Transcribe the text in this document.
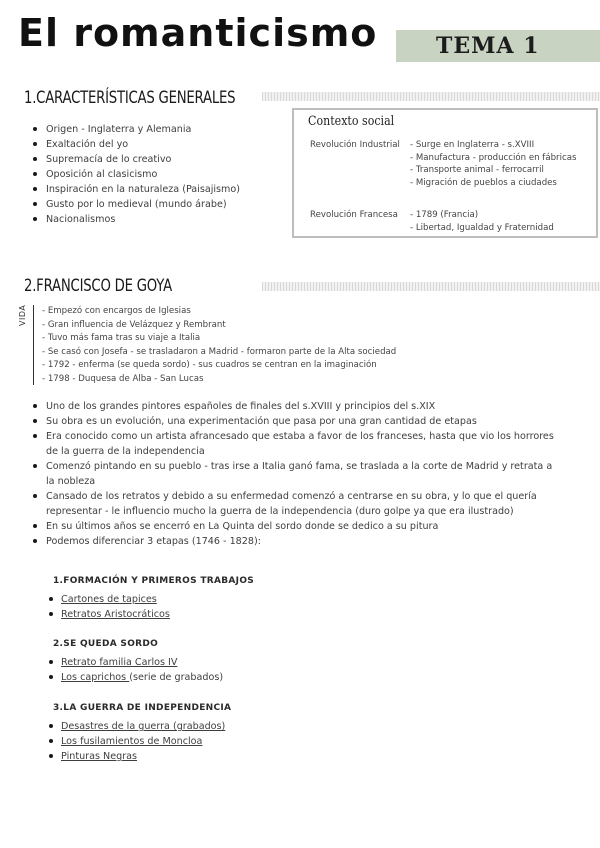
El romanticismo	TEMA 1
1.CARACTERÍSTICAS GENERALES
Origen - Inglaterra y Alemania
Exaltación del yo
Supremacía de lo creativo
Oposición al clasicismo
Inspiración en la naturaleza (Paisajismo)
Gusto por lo medieval (mundo árabe)
Nacionalismos
Contexto social
Revolución Industrial - Surge en Inglaterra - s.XVIII
- Manufactura - producción en fábricas
- Transporte animal - ferrocarril
- Migración de pueblos a ciudades
Revolución Francesa - 1789 (Francia)
- Libertad, Igualdad y Fraternidad
2.FRANCISCO DE GOYA
VIDA - Empezó con encargos de Iglesias
- Gran influencia de Velázquez y Rembrant
- Tuvo más fama tras su viaje a Italia
- Se casó con Josefa - se trasladaron a Madrid - formaron parte de la Alta sociedad
- 1792 - enferma (se queda sordo) - sus cuadros se centran en la imaginación
- 1798 - Duquesa de Alba - San Lucas
Uno de los grandes pintores españoles de finales del s.XVIII y principios del s.XIX
Su obra es un evolución, una experimentación que pasa por una gran cantidad de etapas
Era conocido como un artista afrancesado que estaba a favor de los franceses, hasta que vio los horrores de la guerra de la independencia
Comenzó pintando en su pueblo - tras irse a Italia ganó fama, se traslada a la corte de Madrid y retrata a la nobleza
Cansado de los retratos y debido a su enfermedad comenzó a centrarse en su obra, y lo que el quería representar - le influencio mucho la guerra de la independencia (duro golpe ya que era ilustrado)
En su últimos años se encerró en La Quinta del sordo donde se dedico a su pitura
Podemos diferenciar 3 etapas (1746 - 1828):
1.FORMACIÓN Y PRIMEROS TRABAJOS
Cartones de tapices
Retratos Aristocráticos
2.SE QUEDA SORDO
Retrato familia Carlos IV
Los caprichos (serie de grabados)
3.LA GUERRA DE INDEPENDENCIA
Desastres de la guerra (grabados)
Los fusilamientos de Moncloa
Pinturas Negras
